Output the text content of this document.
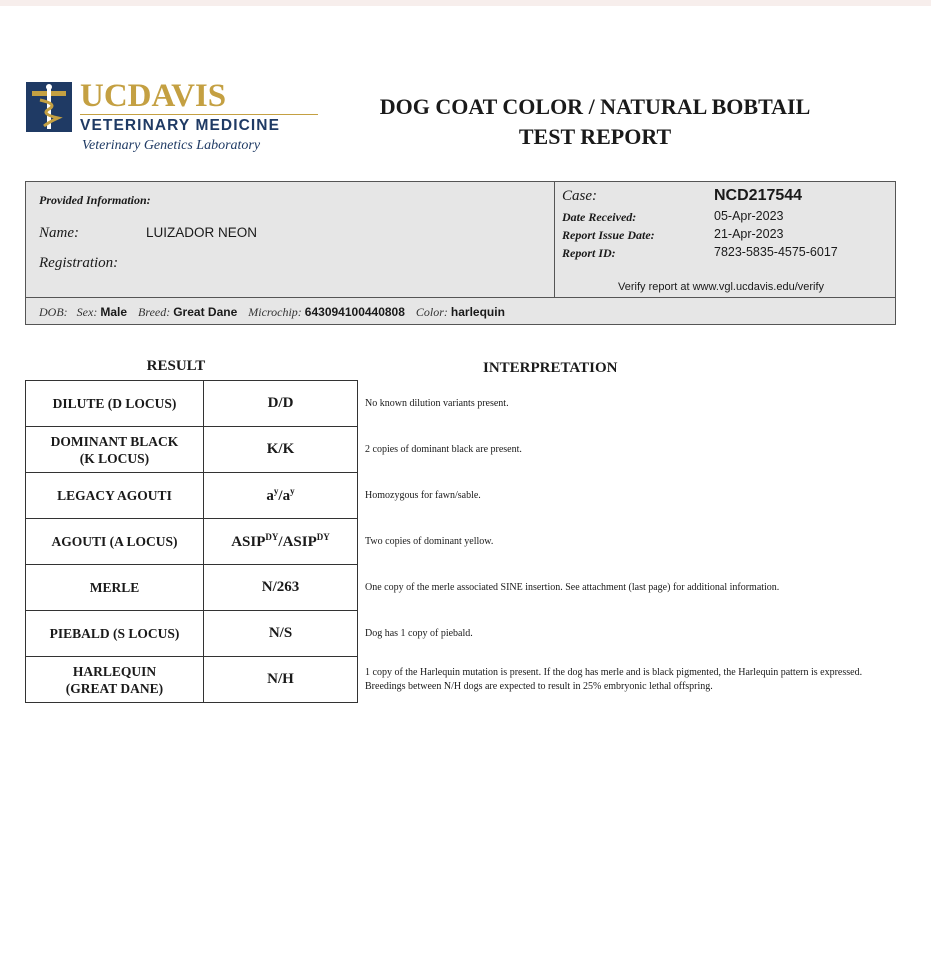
UCDAVIS
VETERINARY MEDICINE
Veterinary Genetics Laboratory
DOG COAT COLOR / NATURAL BOBTAIL
TEST REPORT
Provided Information:
Name:	LUIZADOR NEON
Registration:
Case:	NCD217544
Date Received:	05-Apr-2023
Report Issue Date:	21-Apr-2023
Report ID:	7823-5835-4575-6017
Verify report at www.vgl.ucdavis.edu/verify
DOB: Sex: Male Breed: Great Dane Microchip: 643094100440808 Color: harlequin
RESULT	INTERPRETATION
DILUTE (D LOCUS)	D/D	No known dilution variants present.

DOMINANT BLACK
(K LOCUS)	K/K	2 copies of dominant black are present.

LEGACY AGOUTI	$a^y/a^y$	Homozygous for fawn/sable.

AGOUTI (A LOCUS)	$ASIP^{DY}/ASIP^{DY}$	Two copies of dominant yellow.

MERLE	N/263	One copy of the merle associated SINE insertion. See attachment (last page) for additional information.

PIEBALD (S LOCUS)	N/S	Dog has 1 copy of piebald.

HARLEQUIN
(GREAT DANE)	N/H	1 copy of the Harlequin mutation is present. If the dog has merle and is black pigmented, the Harlequin pattern is expressed. Breedings between N/H dogs are expected to result in 25% embryonic lethal offspring.
